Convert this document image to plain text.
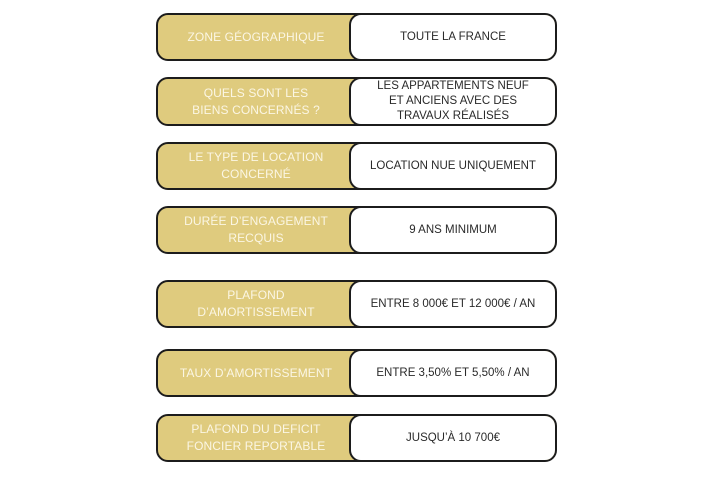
ZONE GÉOGRAPHIQUE	TOUTE LA FRANCE
QUELS SONT LES BIENS CONCERNÉS ?
LES APPARTEMENTS NEUF ET ANCIENS AVEC DES TRAVAUX RÉALISÉS
LE TYPE DE LOCATION CONCERNÉ
LOCATION NUE UNIQUEMENT
DURÉE D’ENGAGEMENT RECQUIS
9 ANS MINIMUM
PLAFOND D’AMORTISSEMENT
ENTRE 8 000€ ET 12 000€ / AN
TAUX D’AMORTISSEMENT	ENTRE 3,50% ET 5,50% / AN
PLAFOND DU DEFICIT FONCIER REPORTABLE
JUSQU’À 10 700€
